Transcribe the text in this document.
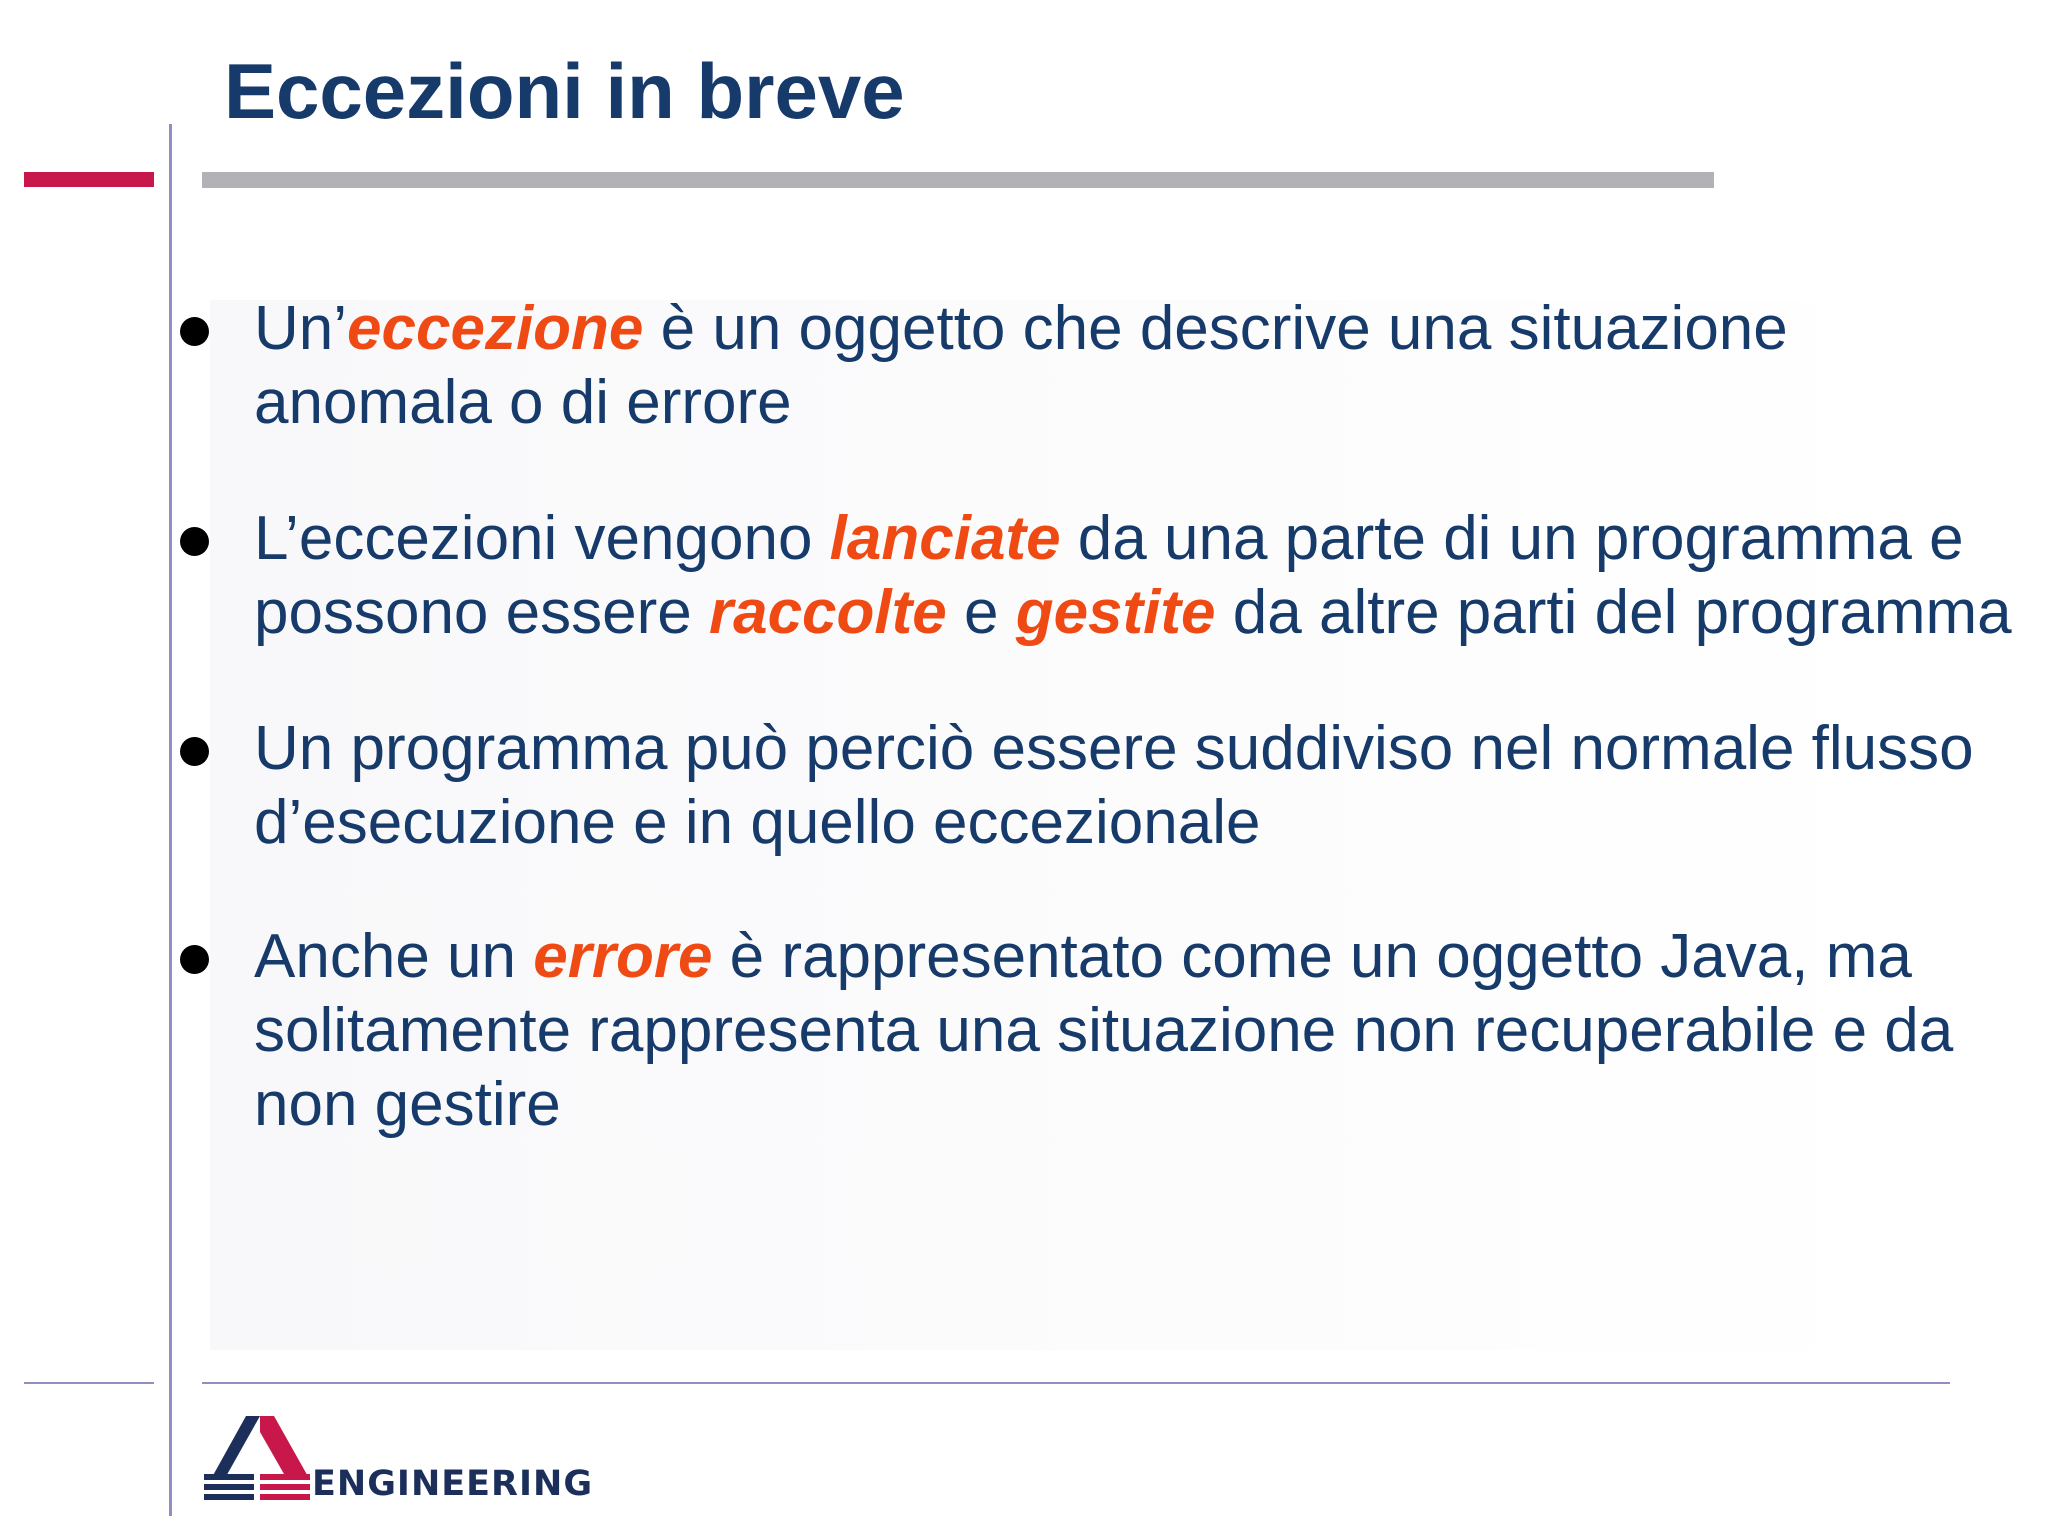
Eccezioni in breve
Un’eccezione è un oggetto che descrive una situazione anomala o di errore
L’eccezioni vengono lanciate da una parte di un programma e possono essere raccolte e gestite da altre parti del programma
Un programma può perciò essere suddiviso nel normale flusso d’esecuzione e in quello eccezionale
Anche un errore è rappresentato come un oggetto Java, ma solitamente rappresenta una situazione non recuperabile e da non gestire
ENGINEERING
